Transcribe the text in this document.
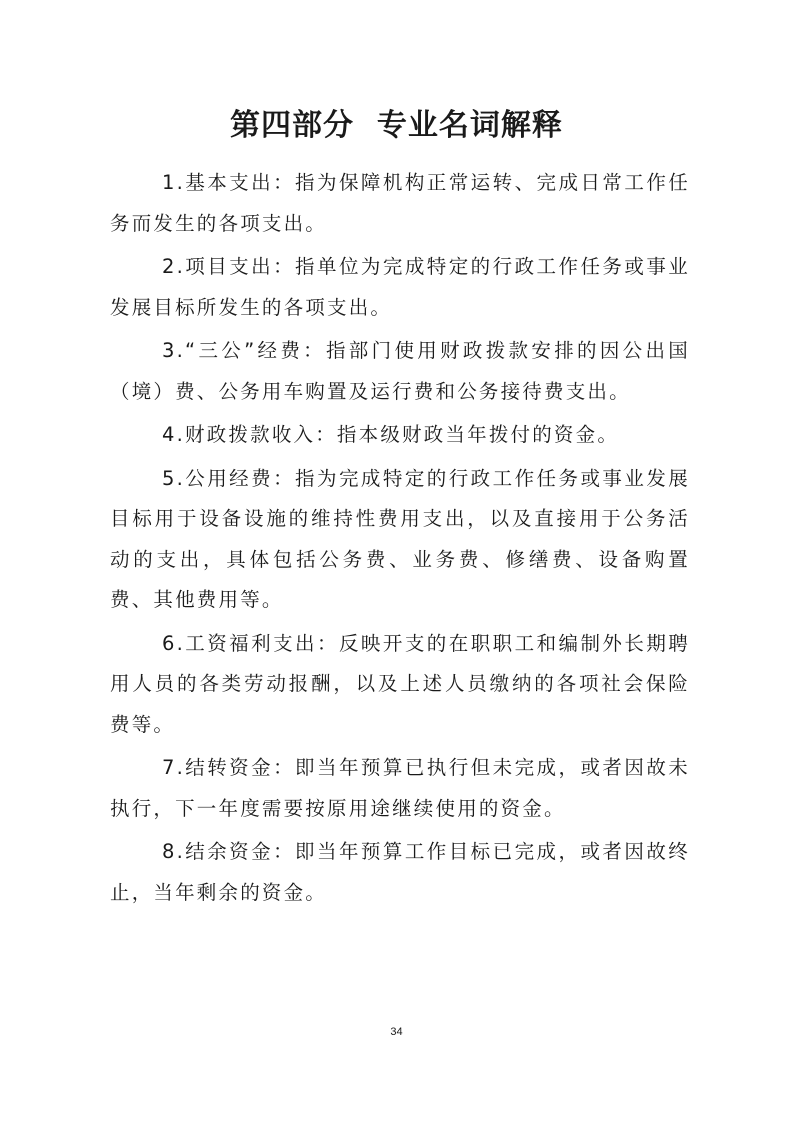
第四部分  专业名词解释

1.基本支出：指为保障机构正常运转、完成日常工作任务而发生的各项支出。

2.项目支出：指单位为完成特定的行政工作任务或事业发展目标所发生的各项支出。

3.“三公”经费：指部门使用财政拨款安排的因公出国（境）费、公务用车购置及运行费和公务接待费支出。

4.财政拨款收入：指本级财政当年拨付的资金。

5.公用经费：指为完成特定的行政工作任务或事业发展目标用于设备设施的维持性费用支出，以及直接用于公务活动的支出，具体包括公务费、业务费、修缮费、设备购置费、其他费用等。

6.工资福利支出：反映开支的在职职工和编制外长期聘用人员的各类劳动报酬，以及上述人员缴纳的各项社会保险费等。

7.结转资金：即当年预算已执行但未完成，或者因故未执行，下一年度需要按原用途继续使用的资金。

8.结余资金：即当年预算工作目标已完成，或者因故终止，当年剩余的资金。

34
